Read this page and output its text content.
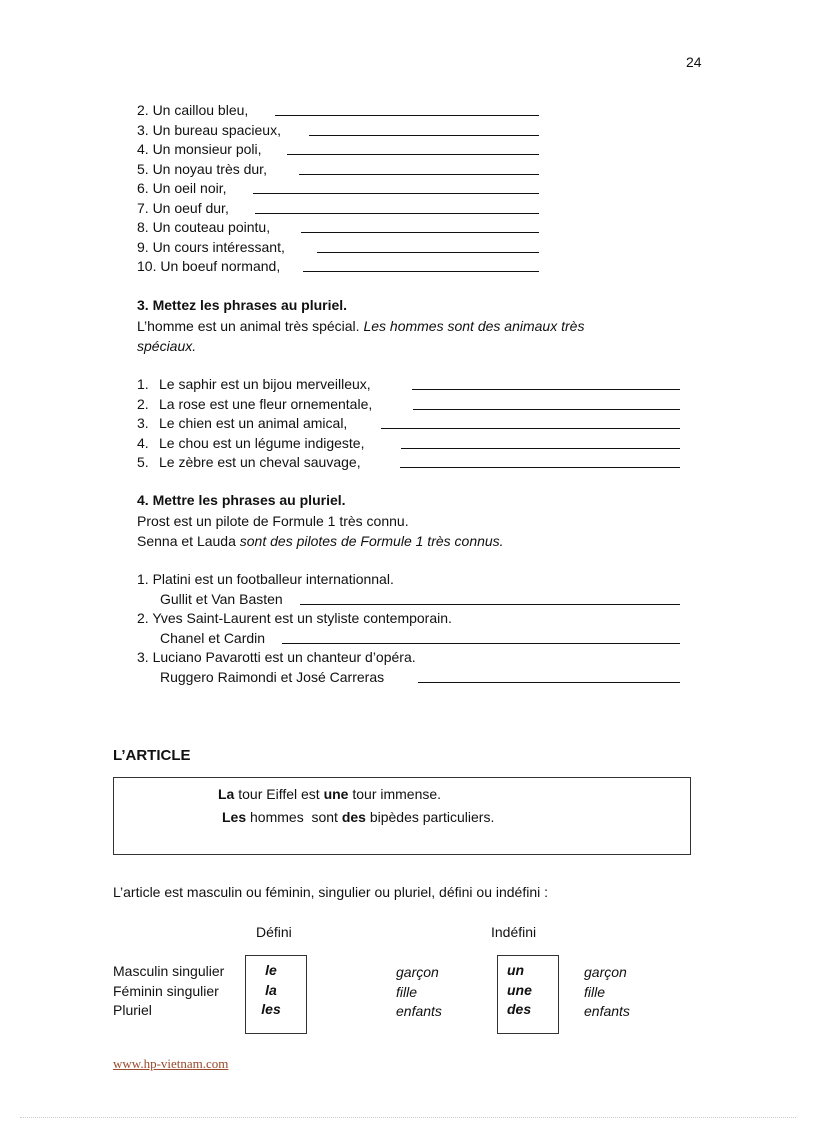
24
2. Un caillou bleu,
3. Un bureau spacieux,
4. Un monsieur poli,
5. Un noyau très dur,
6. Un oeil noir,
7. Un oeuf dur,
8. Un couteau pointu,
9. Un cours intéressant,
10. Un boeuf normand,
3. Mettez les phrases au pluriel.
L’homme est un animal très spécial. Les hommes sont des animaux très
spéciaux.
1. Le saphir est un bijou merveilleux,
2. La rose est une fleur ornementale,
3. Le chien est un animal amical,
4. Le chou est un légume indigeste,
5. Le zèbre est un cheval sauvage,
4. Mettre les phrases au pluriel.
Prost est un pilote de Formule 1 très connu.
Senna et Lauda sont des pilotes de Formule 1 très connus.
1. Platini est un footballeur internationnal.
Gullit et Van Basten
2. Yves Saint-Laurent est un styliste contemporain.
Chanel et Cardin
3. Luciano Pavarotti est un chanteur d’opéra.
Ruggero Raimondi et José Carreras
L’ARTICLE
La tour Eiffel est une tour immense.
Les hommes  sont des bipèdes particuliers.
L’article est masculin ou féminin, singulier ou pluriel, défini ou indéfini :
Défini	Indéfini
Masculin singulier
Féminin singulier
Pluriel
le
la
les
garçon
fille
enfants
un
une
des
garçon
fille
enfants
www.hp-vietnam.com
